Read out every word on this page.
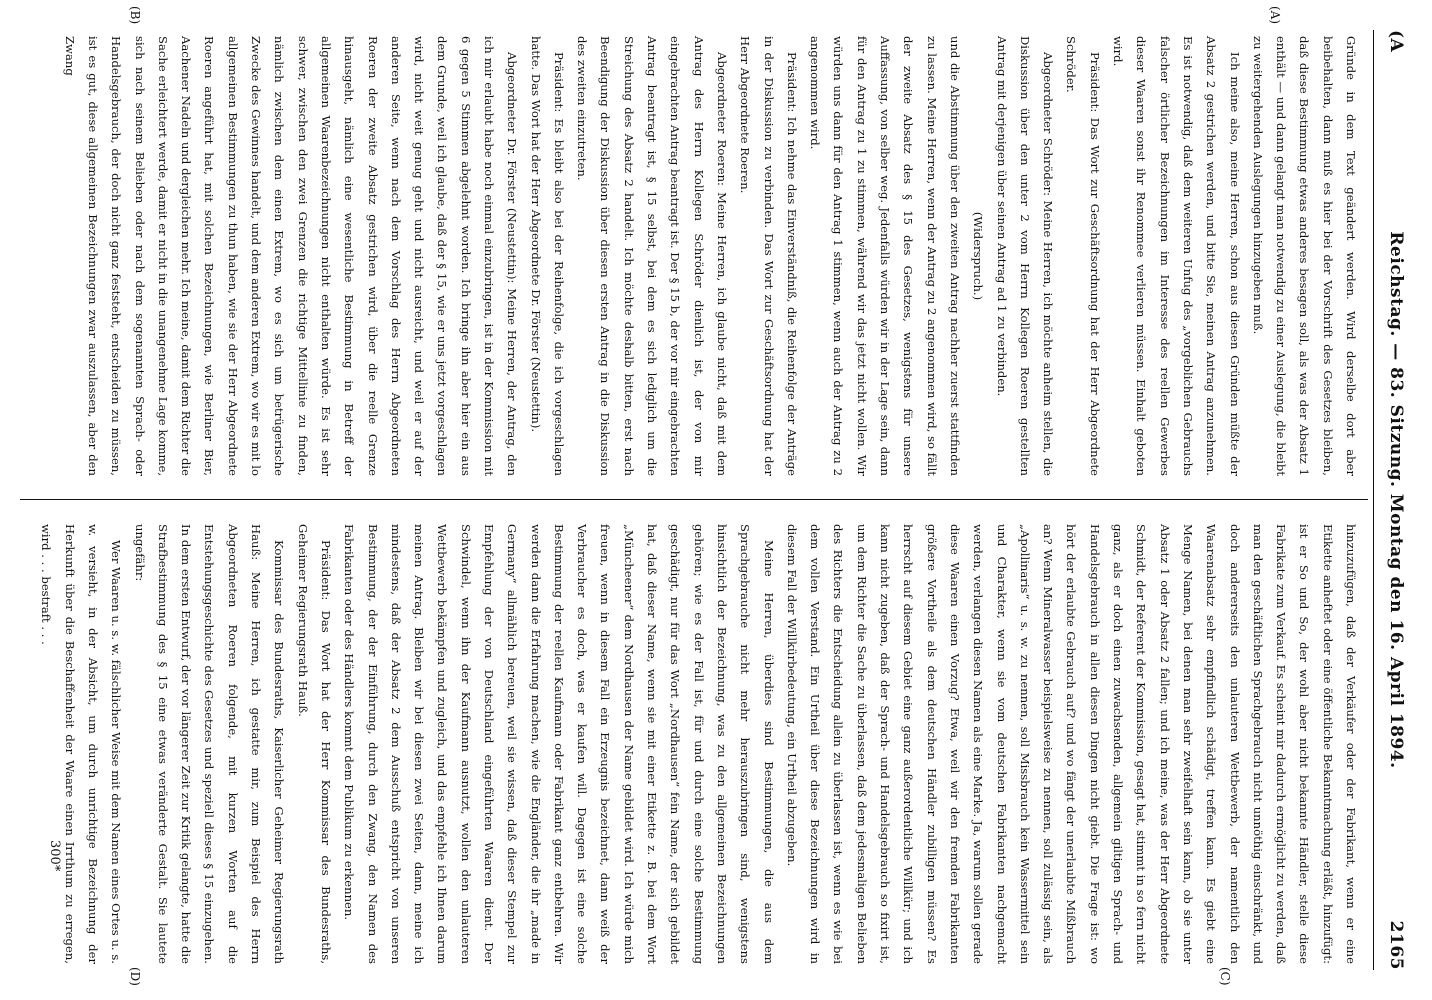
(A
Reichstag. — 83. Sitzung. Montag den 16. April 1894.
2165
(A)
(B)
(C)
(D)

Gründe in dem Text geändert werden. Wird derselbe dort aber beibehalten, dann muß es hier bei der Vorschrift des Gesetzes bleiben, daß diese Bestimmung etwas anderes besagen soll, als was der Absatz 1 enthält — und dann gelangt man notwendig zu einer Auslegung, die bleibt zu weitergehenden Auslegungen hinzugeben muß.

Ich meine also, meine Herren, schon aus diesen Gründen müßte der Absatz 2 gestrichen werden, und bitte Sie, meinen Antrag anzunehmen. Es ist notwendig, daß dem weiteren Unfug des „vorgeblichen Gebrauchs falscher örtlicher Bezeichnungen im Interesse des reellen Gewerbes dieser Waaren sonst ihr Renommee verlieren müssen. Einhalt geboten wird.

Präsident: Das Wort zur Geschäftsordnung hat der Herr Abgeordnete Schröder.

Abgeordneter Schröder: Meine Herren, ich möchte anheim stellen, die Diskussion über den unter 2 vom Herrn Kollegen Roeren gestellten Antrag mit derjenigen über seinen Antrag ad 1 zu verbinden.

(Widerspruch.)

und die Abstimmung über den zweiten Antrag nachher zuerst stattfinden zu lassen. Meine Herren, wenn der Antrag zu 2 angenommen wird, so fällt der zweite Absatz des § 15 des Gesetzes, wenigstens für unsere Auffassung, von selber weg. Jedenfalls würden wir in der Lage sein, dann für den Antrag zu 1 zu stimmen, während wir das jetzt nicht wollen. Wir würden uns dann für den Antrag 1 stimmen, wenn auch der Antrag zu 2 angenommen wird.

Präsident: Ich nehme das Einverständniß, die Reihenfolge der Anträge in der Diskussion zu verbinden. Das Wort zur Geschäftsordnung hat der Herr Abgeordnete Roeren.

Abgeordneter Roeren: Meine Herren, ich glaube nicht, daß mit dem Antrag des Herrn Kollegen Schröder dienlich ist, der von mir eingebrachten Antrag beantragt ist. Der § 15 b, der vor mir eingebrachten Antrag beantragt ist, § 15 selbst, bei dem es sich lediglich um die Streichung des Absatz 2 handelt. Ich möchte deshalb bitten, erst nach Beendigung der Diskussion über diesen ersten Antrag in die Diskussion des zweiten einzutreten.

Präsident: Es bleibt also bei der Reihenfolge, die ich vorgeschlagen hatte. Das Wort hat der Herr Abgeordnete Dr. Förster (Neustettin).

Abgeordneter Dr. Förster (Neustettin): Meine Herren, der Antrag, den ich mir erlaubt habe noch einmal einzubringen, ist in der Kommission mit 6 gegen 5 Stimmen abgelehnt worden. Ich bringe ihn aber hier ein aus dem Grunde, weil ich glaube, daß der § 15, wie er uns jetzt vorgeschlagen wird, nicht weit genug geht und nicht ausreicht, und weil er auf der anderen Seite, wenn nach dem Vorschlag des Herrn Abgeordneten Roeren der zweite Absatz gestrichen wird, über die reelle Grenze hinausgeht, nämlich eine wesentliche Bestimmung in Betreff der allgemeinen Waarenbezeichnungen nicht enthalten würde. Es ist sehr schwer, zwischen den zwei Grenzen die richtige Mittellinie zu finden, nämlich zwischen dem einen Extrem, wo es sich um betrügerische Zwecke des Gewinnes handelt, und dem anderen Extrem, wo wir es mit lo allgemeinen Bestimmungen zu thun haben, wie sie der Herr Abgeordnete Roeren angeführt hat, mit solchen Bezeichnungen, wie Berliner Bier, Aachener Nadeln und dergleichen mehr. Ich meine, damit dem Richter die Sache erleichtert werde, damit er nicht in die unangenehme Lage komme, sich nach seinem Belieben oder nach dem sogenannten Sprach- oder Handelsgebrauch, der doch nicht ganz feststeht, entscheiden zu müssen, ist es gut, diese allgemeinen Bezeichnungen zwar auszulassen, aber den Zwang

hinzuzufügen, daß der Verkäufer oder der Fabrikant, wenn er eine Etikette anheftet oder eine öffentliche Bekanntmachung erläßt, hinzufügt: ist er So und So, der wohl aber nicht bekannte Händler, stelle diese Fabrikate zum Verkauf. Es scheint mir dadurch ermöglicht zu werden, daß man den geschäftlichen Sprachgebrauch nicht unnöthig einschränkt, und doch andererseits den unlauteren Wettbewerb, der namentlich den Waarenabsatz sehr empfindlich schädigt, treffen kann. Es giebt eine Menge Namen, bei denen man sehr zweifelhaft sein kann, ob sie unter Absatz 1 oder Absatz 2 fallen; und ich meine, was der Herr Abgeordnete Schmidt, der Referent der Kommission, gesagt hat, stimmt in so fern nicht ganz, als er doch einen zuwachsenden, allgemein giltigen Sprach- und Handelsgebrauch in allen diesen Dingen nicht giebt. Die Frage ist: wo hört der erlaubte Gebrauch auf? und wo fängt der unerlaubte Mißbrauch an? Wenn Mineralwasser beispielsweise zu nennen, soll zulässig sein, als „Apollinaris“ u. s. w. zu nennen, soll Missbrauch kein Wassermittel sein und Charakter, wenn sie vom deutschen Fabrikanten nachgemacht werden, verlangen diesen Namen als eine Marke. Ja, warum sollen gerade diese Waaren einen Vorzug? Etwa, weil wir den fremden Fabrikanten größere Vortheile als dem deutschen Händler zubilligen müssen? Es herrscht auf diesem Gebiet eine ganz außerordentliche Willkür; und ich kann nicht zugeben, daß der Sprach- und Handelsgebrauch so fixirt ist, um dem Richter die Sache zu überlassen, daß dem jedesmaligen Belieben des Richters die Entscheidung allein zu überlassen ist, wenn es wie bei dem vollen Verstand. Ein Urtheil über diese Bezeichnungen wird in diesem Fall der Willkürbedeutung, ein Urtheil abzugeben.

Meine Herren, überdies sind Bestimmungen, die aus dem Sprachgebrauche nicht mehr herauszubringen sind, wenigstens hinsichtlich der Bezeichnung, was zu den allgemeinen Bezeichnungen gehören; wie es der Fall ist, für und durch eine solche Bestimmung geschädigt, nur für das Wort „Nordhausen“ fein Name, der sich gebildet hat, daß dieser Name, wenn sie mit einer Etikette z. B. bei dem Wort „Müncheener“ dem Nordhausen der Name gebildet wird. Ich würde mich freuen, wenn in diesem Fall ein Erzeugnis bezeichnet, dann weiß der Verbraucher es doch, was er kaufen will. Dagegen ist eine solche Bestimmung der reellen Kaufmann oder Fabrikant ganz entbehren. Wir werden dann die Erfahrung machen, wie die Engländer, die ihr „made in Germany“ allmählich bereuen, weil sie wissen, daß dieser Stempel zur Empfehlung der von Deutschland eingeführten Waaren dient. Der Schwindel, wenn ihn der Kaufmann ausnutzt, wollen den unlauteren Wettbewerb bekämpfen und zugleich, und das empfehle ich Ihnen darum meinen Antrag. Bleiben wir bei diesen zwei Seiten, dann, meine ich mindestens, daß der Absatz 2 dem Ausschuß entspricht von unseren Bestimmung, der der Einführung, durch den Zwang, den Namen des Fabrikanten oder des Händlers kommt dem Publikum zu erkennen.

Präsident: Das Wort hat der Herr Kommissar des Bundesraths, Geheimer Regierungsrath Hauß.

Kommissar des Bundesraths, Kaiserlicher Geheimer Regierungsrath Hauß: Meine Herren, ich gestatte mir, zum Beispiel des Herrn Abgeordneten Roeren folgende, mit kurzen Worten auf die Entstehungsgeschichte des Gesetzes und speziell dieses § 15 einzugehen. In dem ersten Entwurf, der vor längerer Zeit zur Kritik gelangte, hatte die Strafbestimmung des § 15 eine etwas veränderte Gestalt. Sie lautete ungefähr:

Wer Waaren u. s. w. fälschlicher Weise mit dem Namen eines Ortes u. s. w. versieht, in der Absicht, um durch unrichtige Bezeichnung der Herkunft über die Beschaffenheit der Waare einen Irrthum zu erregen, wird . . . bestraft . . .

300*
